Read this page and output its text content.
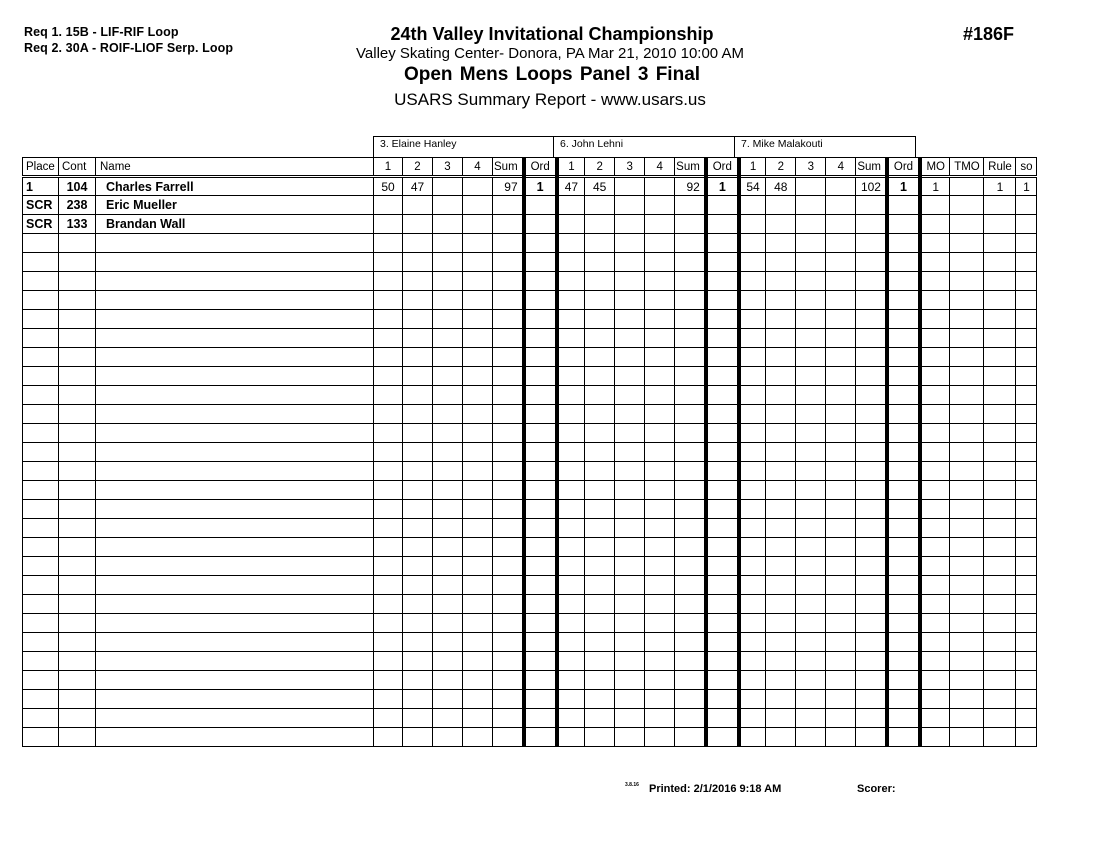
Req 1. 15B - LIF-RIF Loop
Req 2. 30A - ROIF-LIOF Serp. Loop
24th Valley Invitational Championship
Valley Skating Center- Donora, PA Mar 21, 2010 10:00 AM
Open Mens Loops Panel 3 Final
USARS Summary Report - www.usars.us
#186F
3. Elaine Hanley	6. John Lehni	7. Mike Malakouti
Place	Cont	Name	1	2	3	4	Sum	Ord	1	2	3	4	Sum	Ord	1	2	3	4	Sum	Ord	MO	TMO	Rule	so
1	104	Charles Farrell	50	47			97	1	47	45			92	1	54	48			102	1	1		1	1
SCR	238	Eric Mueller																						
SCR	133	Brandan Wall																						

3.8.16 Printed: 2/1/2016 9:18 AM	Scorer:
